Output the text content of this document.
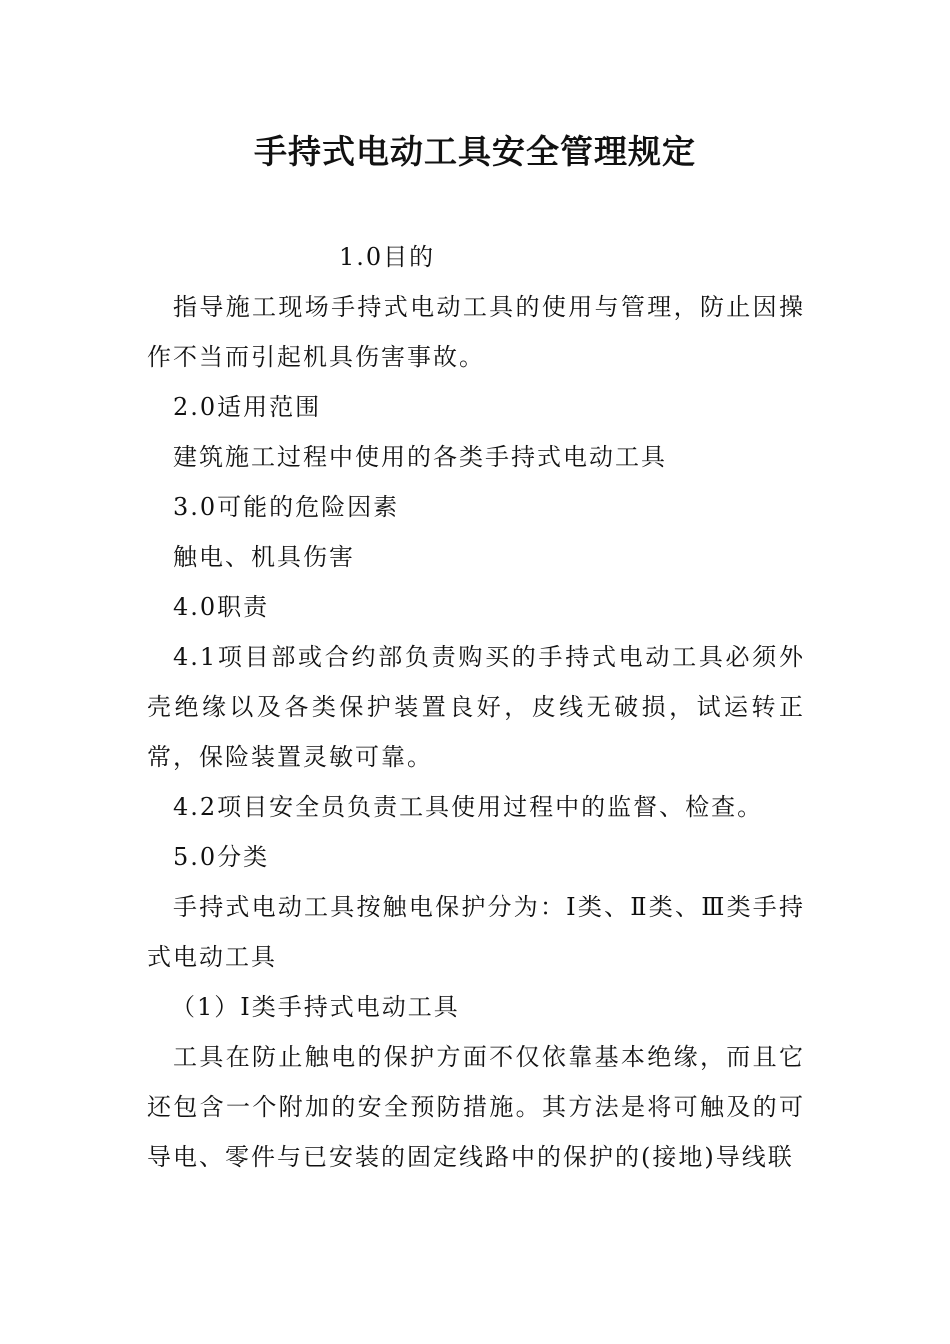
手持式电动工具安全管理规定

1.0目的

指导施工现场手持式电动工具的使用与管理，防止因操作不当而引起机具伤害事故。

2.0适用范围

建筑施工过程中使用的各类手持式电动工具

3.0可能的危险因素

触电、机具伤害

4.0职责

4.1项目部或合约部负责购买的手持式电动工具必须外壳绝缘以及各类保护装置良好，皮线无破损，试运转正常，保险装置灵敏可靠。

4.2项目安全员负责工具使用过程中的监督、检查。

5.0分类

手持式电动工具按触电保护分为：Ⅰ类、Ⅱ类、Ⅲ类手持式电动工具

（1）Ⅰ类手持式电动工具

工具在防止触电的保护方面不仅依靠基本绝缘，而且它还包含一个附加的安全预防措施。其方法是将可触及的可导电、零件与已安装的固定线路中的保护的(接地)导线联
